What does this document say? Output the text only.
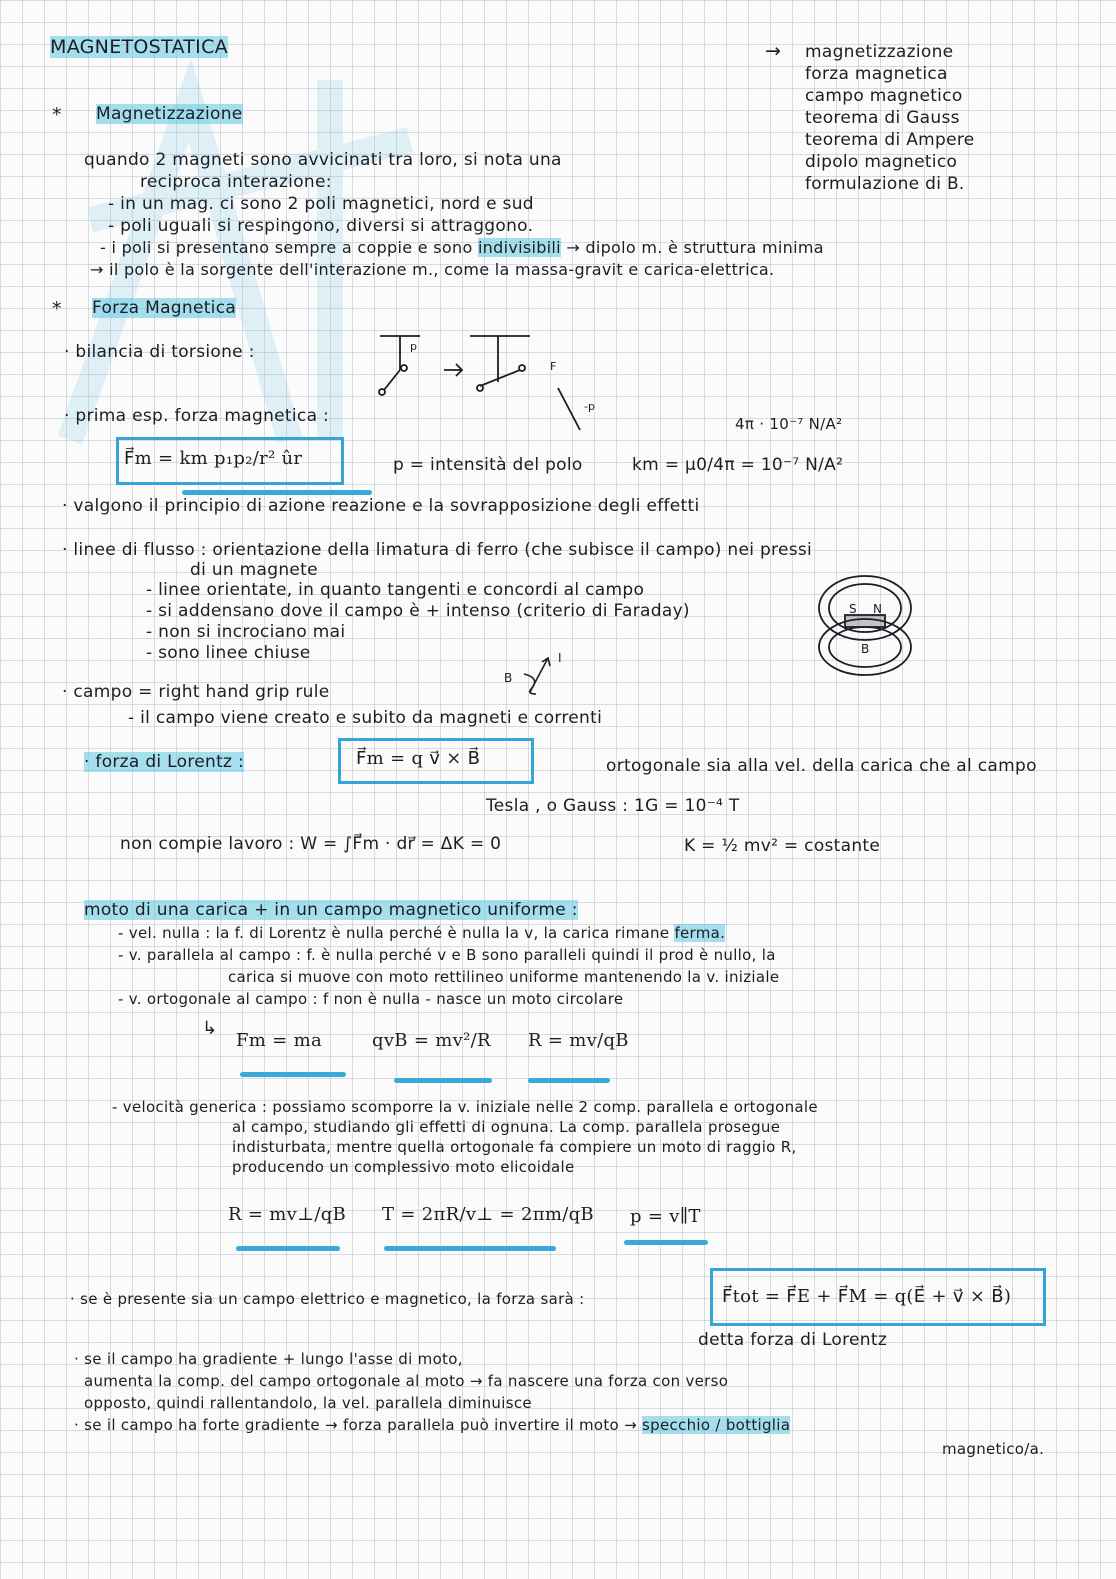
MAGNETOSTATICA	→ magnetizzazione
forza magnetica
campo magnetico
teorema di Gauss
teorema di Ampere
dipolo magnetico
formulazione di B.
* Magnetizzazione
quando 2 magneti sono avvicinati tra loro, si nota una
reciproca interazione:
- in un mag. ci sono 2 poli magnetici, nord e sud
- poli uguali si respingono, diversi si attraggono.
- i poli si presentano sempre a coppie e sono indivisibili → dipolo m. è struttura minima
→ il polo è la sorgente dell'interazione m., come la massa-gravit e carica-elettrica.
* Forza Magnetica
· bilancia di torsione :	p
F
-p
· prima esp. forza magnetica :	4π · 10⁻⁷ N/A²
F⃗m = km p₁p₂/r² ûr	p = intensità del polo	km = μ0/4π = 10⁻⁷ N/A²
· valgono il principio di azione reazione e la sovrapposizione degli effetti
· linee di flusso : orientazione della limatura di ferro (che subisce il campo) nei pressi
di un magnete
- linee orientate, in quanto tangenti e concordi al campo
- si addensano dove il campo è + intenso (criterio di Faraday)
- non si incrociano mai
- sono linee chiuse
S N
B
· campo = right hand grip rule
B
I
- il campo viene creato e subito da magneti e correnti
· forza di Lorentz :	F⃗m = q v⃗ × B⃗	ortogonale sia alla vel. della carica che al campo
Tesla , o Gauss : 1G = 10⁻⁴ T
non compie lavoro : W = ∫F⃗m · dr⃗ = ΔK = 0	K = ½ mv² = costante
moto di una carica + in un campo magnetico uniforme :
- vel. nulla : la f. di Lorentz è nulla perché è nulla la v, la carica rimane ferma.
- v. parallela al campo : f. è nulla perché v e B sono paralleli quindi il prod è nullo, la
carica si muove con moto rettilineo uniforme mantenendo la v. iniziale
- v. ortogonale al campo : f non è nulla - nasce un moto circolare
↳
Fm = ma	qvB = mv²/R R = mv/qB
- velocità generica : possiamo scomporre la v. iniziale nelle 2 comp. parallela e ortogonale
al campo, studiando gli effetti di ognuna. La comp. parallela prosegue
indisturbata, mentre quella ortogonale fa compiere un moto di raggio R,
producendo un complessivo moto elicoidale
R = mv⊥/qB T = 2πR/v⊥ = 2πm/qB p = v∥T
· se è presente sia un campo elettrico e magnetico, la forza sarà :	F⃗tot = F⃗E + F⃗M = q(E⃗ + v⃗ × B⃗)
detta forza di Lorentz
· se il campo ha gradiente + lungo l'asse di moto,
aumenta la comp. del campo ortogonale al moto → fa nascere una forza con verso
opposto, quindi rallentandolo, la vel. parallela diminuisce
· se il campo ha forte gradiente → forza parallela può invertire il moto → specchio / bottiglia
magnetico/a.
